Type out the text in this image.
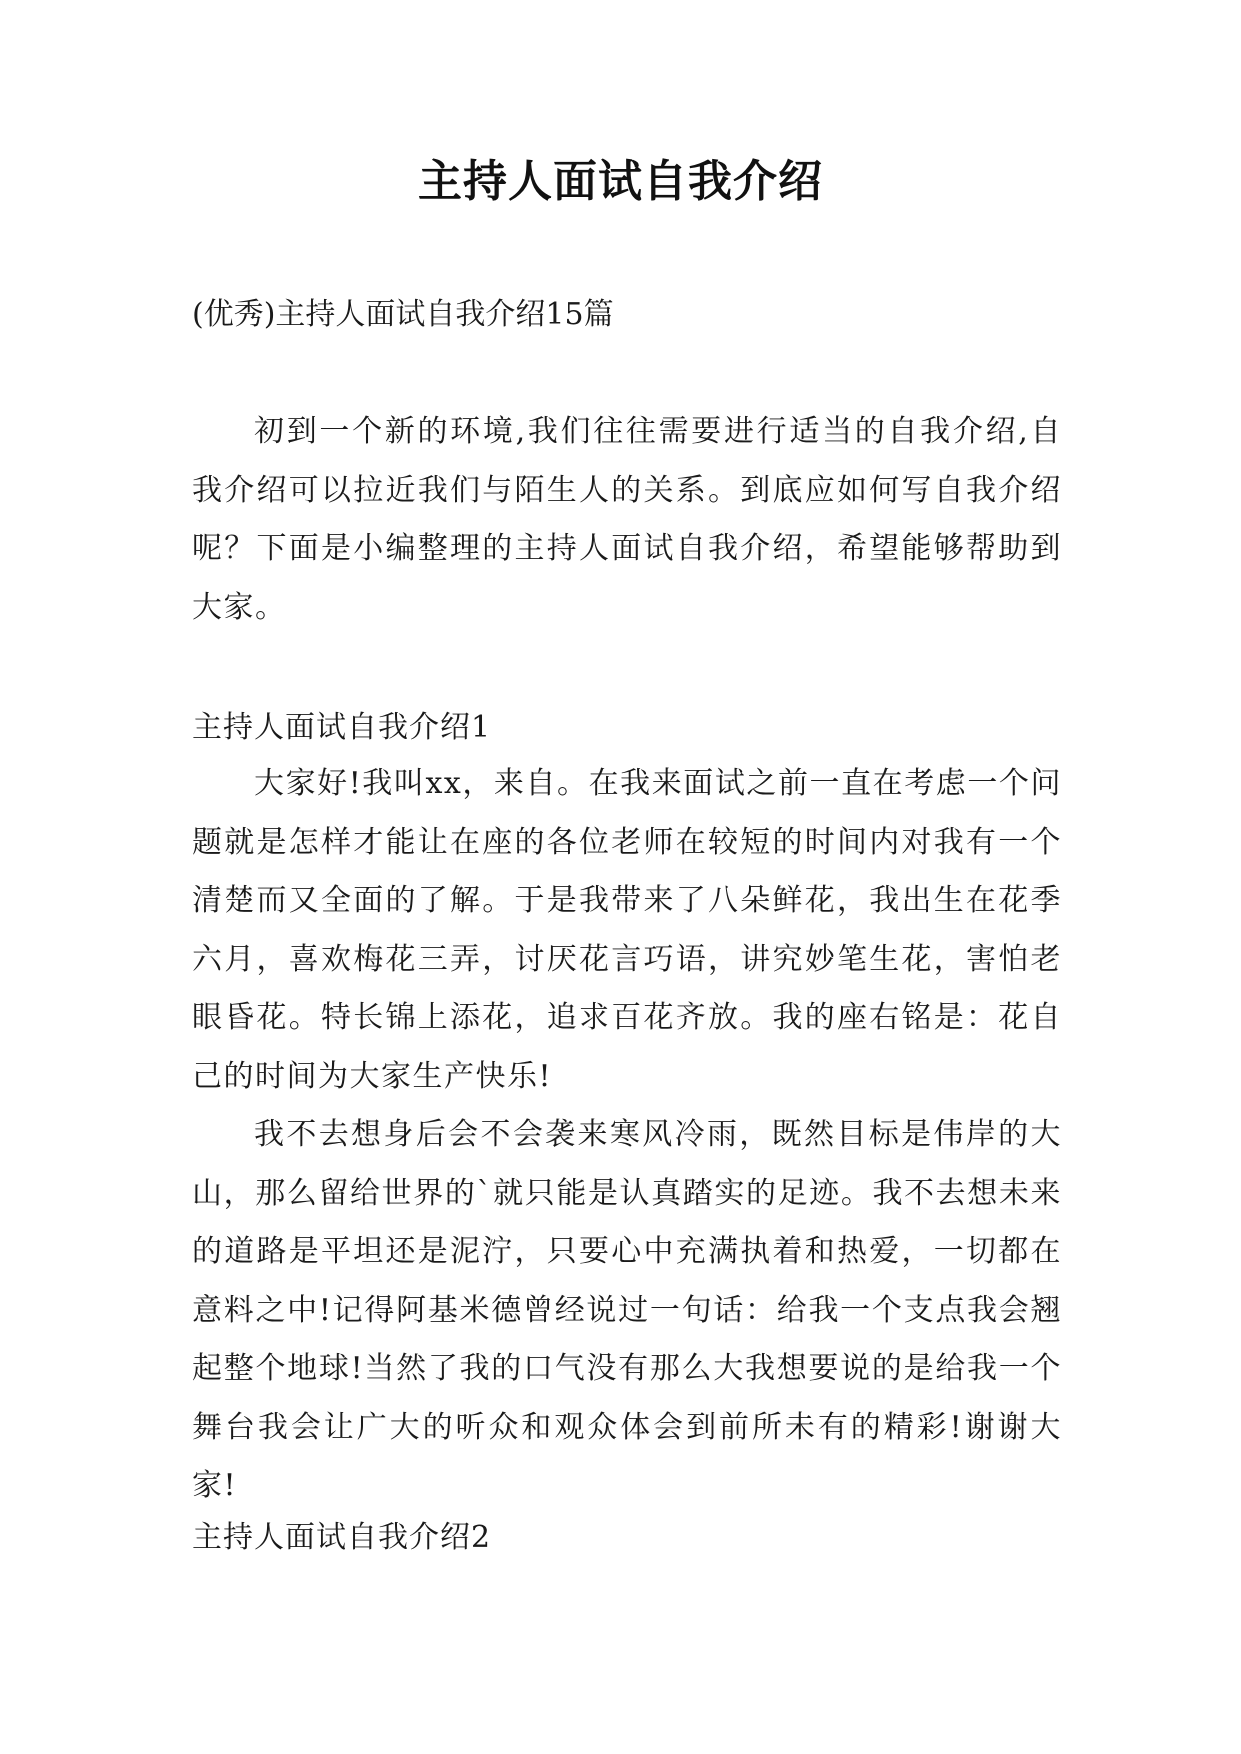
主持人面试自我介绍
(优秀)主持人面试自我介绍15篇

初到一个新的环境,我们往往需要进行适当的自我介绍,自我介绍可以拉近我们与陌生人的关系。到底应如何写自我介绍呢？下面是小编整理的主持人面试自我介绍，希望能够帮助到大家。

主持人面试自我介绍1

大家好!我叫xx，来自。在我来面试之前一直在考虑一个问题就是怎样才能让在座的各位老师在较短的时间内对我有一个清楚而又全面的了解。于是我带来了八朵鲜花，我出生在花季六月，喜欢梅花三弄，讨厌花言巧语，讲究妙笔生花，害怕老眼昏花。特长锦上添花，追求百花齐放。我的座右铭是：花自己的时间为大家生产快乐!

我不去想身后会不会袭来寒风冷雨，既然目标是伟岸的大山，那么留给世界的`就只能是认真踏实的足迹。我不去想未来的道路是平坦还是泥泞，只要心中充满执着和热爱，一切都在意料之中!记得阿基米德曾经说过一句话：给我一个支点我会翘起整个地球!当然了我的口气没有那么大我想要说的是给我一个舞台我会让广大的听众和观众体会到前所未有的精彩!谢谢大家!

主持人面试自我介绍2
